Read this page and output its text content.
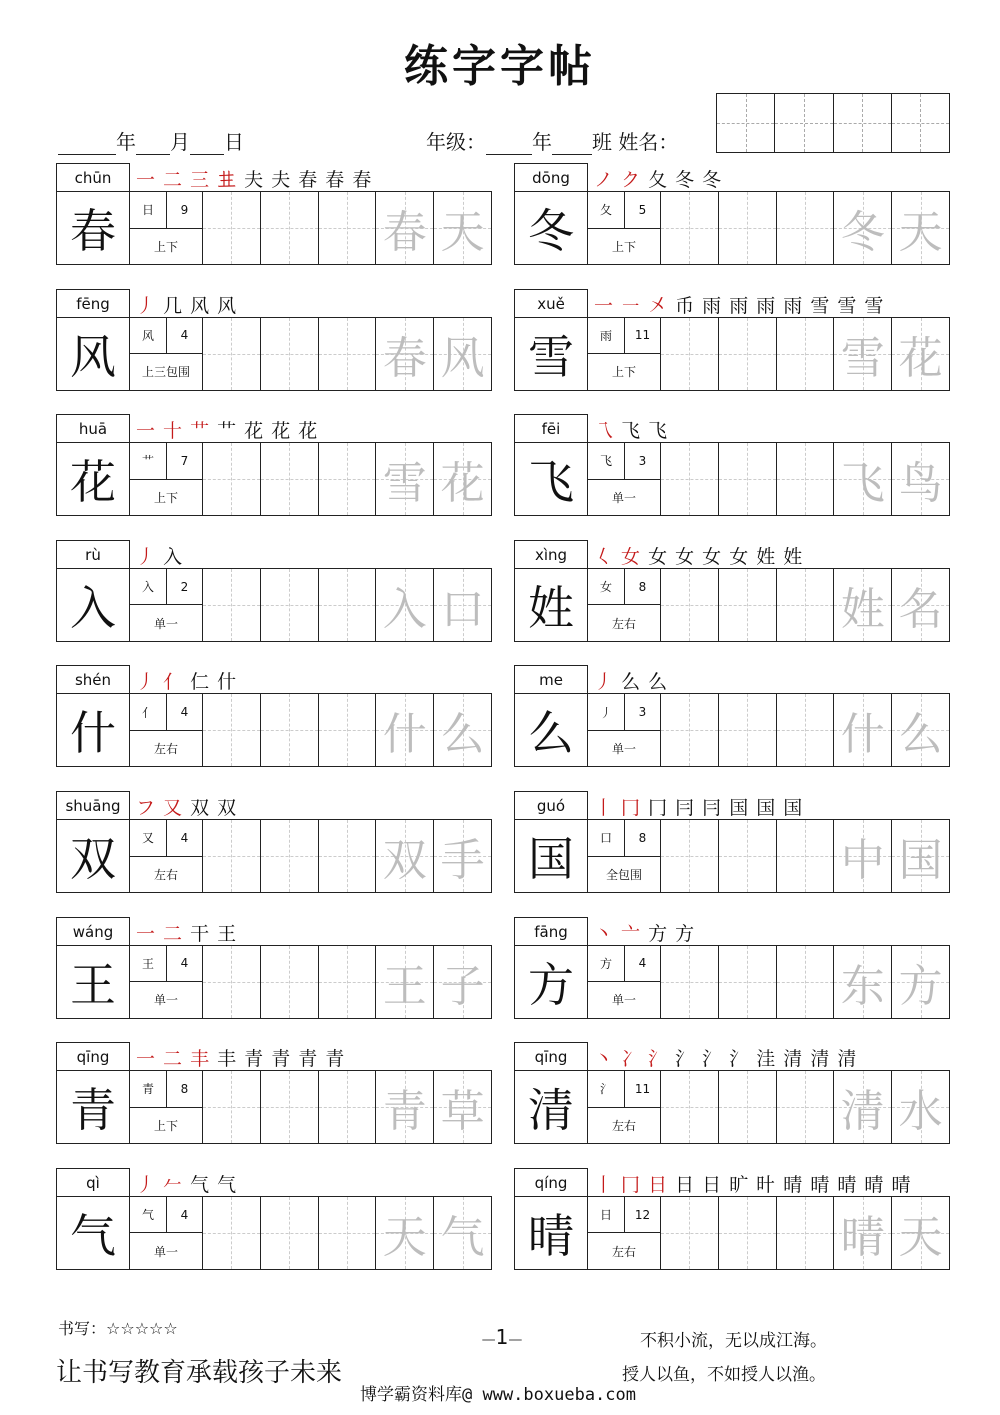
练字字帖
年 月 日	年级： 年 班 姓名：
chūn	一 二 三 𠀎 夫 夫 春 春 春
春	日	9
上下	春 天
dōng	ノ ク 夂 冬 冬
冬	夂	5
上下	冬 天
fēng	丿 几 风 风
风	风	4
上三包围	春 风
xuě	一 ㇐ 㐅 币 雨 雨 雨 雨 雪 雪 雪
雪	雨	11
上下	雪 花
huā	一 十 艹 艹 花 花 花
花	艹	7
上下	雪 花
fēi	乁 飞 飞
飞	飞	3
单一	飞 鸟
rù	丿 入
入	入	2
单一	入 口
xìng	𡿨 女 女 女 女 女 姓 姓
姓	女	8
左右	姓 名
shén	丿 亻 仁 什
什	亻	4
左右	什 么
me	丿 么 么
么	丿	3
单一	什 么
shuāng フ 又 双 双
双	又	4
左右	双 手
guó	丨 冂 冂 冃 冃 国 国 国
国	口	8
全包围	中 国
wáng	一 二 干 王
王	王	4
单一	王 子
fāng	丶 亠 方 方
方	方	4
单一	东 方
qīng	一 二 丰 丰 青 青 青 青
青	青	8
上下	青 草
qīng	丶 冫 氵 氵 氵 氵 洼 清 清 清
清	氵	11
左右	清 水
qì	丿 𠂉 气 气
气	气	4
单一	天 气
qíng	丨 冂 日 日 日 旷 旪 晴 晴 晴 晴 晴
晴	日	12
左右	晴 天
书写：☆☆☆☆☆
让书写教育承载孩子未来
—1—	不积小流，无以成江海。
授人以鱼，不如授人以渔。
博学霸资料库@ www.boxueba.com
